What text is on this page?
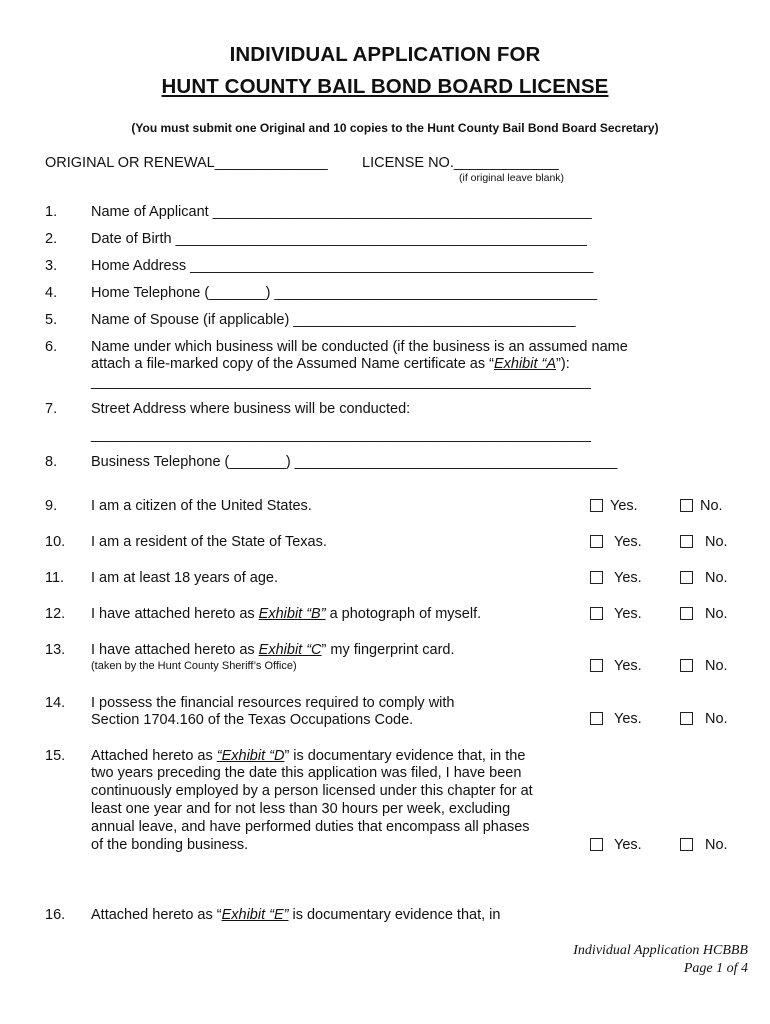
INDIVIDUAL APPLICATION FOR
HUNT COUNTY BAIL BOND BOARD LICENSE
(You must submit one Original and 10 copies to the Hunt County Bail Bond Board Secretary)
ORIGINAL OR RENEWAL______________ LICENSE NO._____________
(if original leave blank)
1. Name of Applicant _______________________________________________
2. Date of Birth ___________________________________________________
3. Home Address __________________________________________________
4. Home Telephone (_______) ________________________________________
5. Name of Spouse (if applicable) ___________________________________
6. Name under which business will be conducted (if the business is an assumed name
attach a file-marked copy of the Assumed Name certificate as “Exhibit “A”):
______________________________________________________________
7. Street Address where business will be conducted:
______________________________________________________________
8. Business Telephone (_______) ________________________________________
9. I am a citizen of the United States.	Yes.	No.
10. I am a resident of the State of Texas.	Yes.	No.
11. I am at least 18 years of age.	Yes.	No.
12. I have attached hereto as Exhibit “B” a photograph of myself.	Yes.	No.
13. I have attached hereto as Exhibit “C” my fingerprint card.
(taken by the Hunt County Sheriff’s Office)	Yes.	No.
14. I possess the financial resources required to comply with
Section 1704.160 of the Texas Occupations Code.	Yes.	No.
15. Attached hereto as “Exhibit “D” is documentary evidence that, in the
two years preceding the date this application was filed, I have been
continuously employed by a person licensed under this chapter for at
least one year and for not less than 30 hours per week, excluding
annual leave, and have performed duties that encompass all phases
of the bonding business.	Yes.	No.
16. Attached hereto as “Exhibit “E” is documentary evidence that, in
Individual Application HCBBB
Page 1 of 4
